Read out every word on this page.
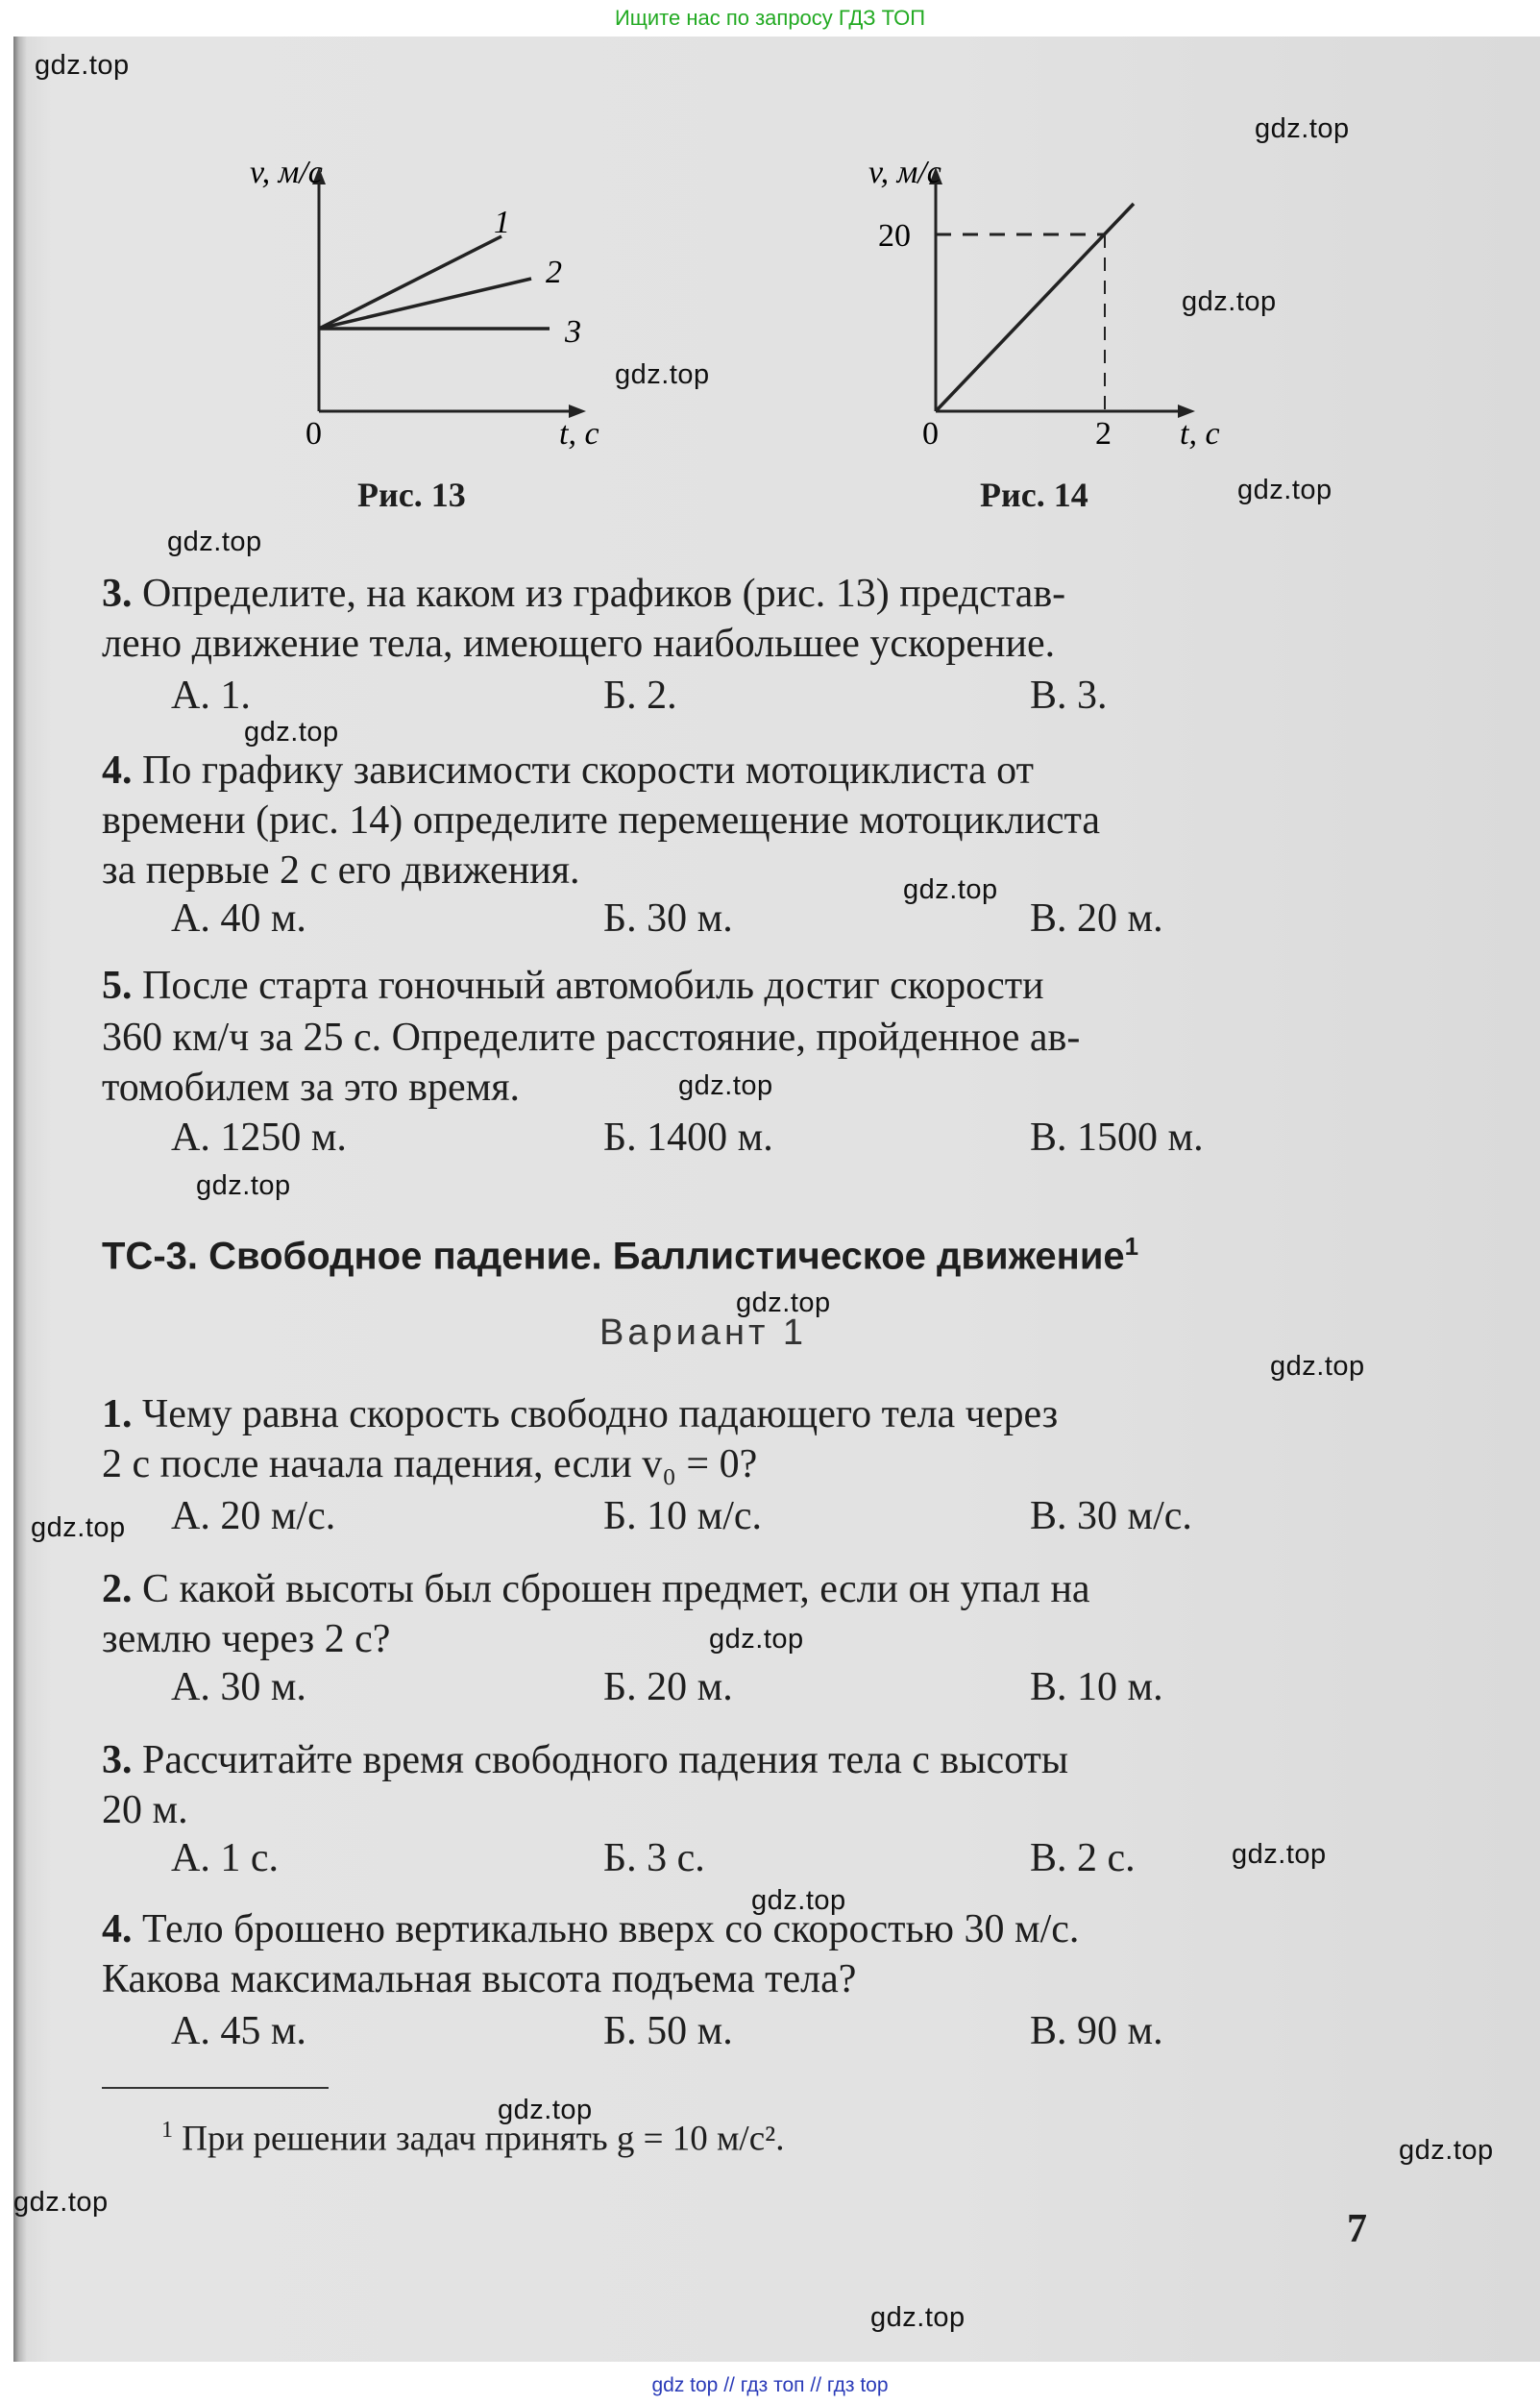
Ищите нас по запросу ГДЗ ТОП
v, м/с
t, с
0
1
2
3
Рис. 13
v, м/с
20
2 t, с
0
Рис. 14
3. Определите, на каком из графиков (рис. 13) представ-
лено движение тела, имеющего наибольшее ускорение.
А. 1.	Б. 2.	В. 3.
4. По графику зависимости скорости мотоциклиста от
времени (рис. 14) определите перемещение мотоциклиста
за первые 2 с его движения.
А. 40 м.	Б. 30 м.	В. 20 м.
5. После старта гоночный автомобиль достиг скорости
360 км/ч за 25 с. Определите расстояние, пройденное ав-
томобилем за это время.
А. 1250 м.	Б. 1400 м.	В. 1500 м.
ТС-3. Свободное падение. Баллистическое движение$^1$
Вариант 1
1. Чему равна скорость свободно падающего тела через
2 с после начала падения, если v₀ = 0?
А. 20 м/с.	Б. 10 м/с.	В. 30 м/с.
2. С какой высоты был сброшен предмет, если он упал на
землю через 2 с?
А. 30 м.	Б. 20 м.	В. 10 м.
3. Рассчитайте время свободного падения тела с высоты
20 м.
А. 1 с.	Б. 3 с.	В. 2 с.
4. Тело брошено вертикально вверх со скоростью 30 м/с.
Какова максимальная высота подъема тела?
А. 45 м.	Б. 50 м.	В. 90 м.
$^1$ При решении задач принять g = 10 м/с².
7
gdz.top
gdz.top
gdz.top
gdz.top
gdz.top
gdz.top
gdz.top
gdz.top
gdz.top
gdz.top
gdz.top
gdz.top
gdz.top
gdz.top
gdz.top
gdz.top
gdz.top
gdz.top
gdz.top
gdz.top
gdz top // гдз топ // гдз top
